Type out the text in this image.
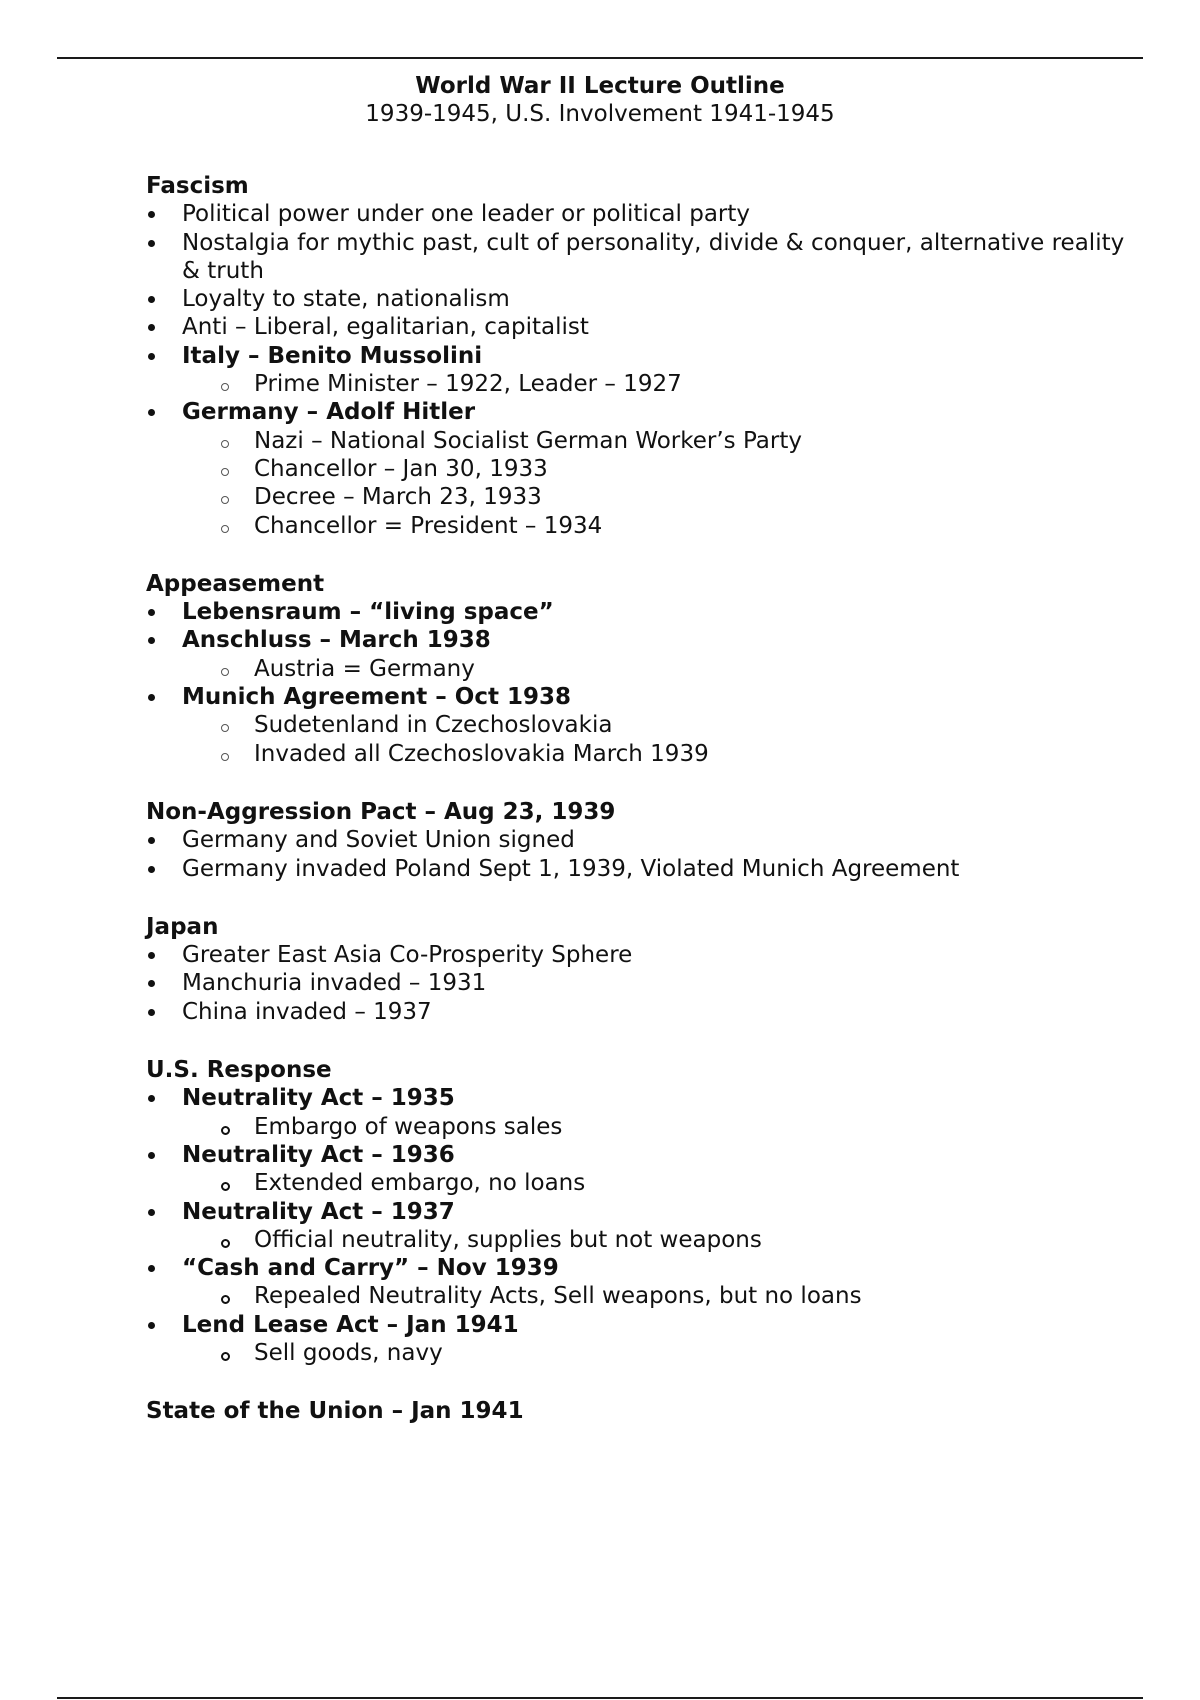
World War II Lecture Outline
1939-1945, U.S. Involvement 1941-1945
Fascism
Political power under one leader or political party
Nostalgia for mythic past, cult of personality, divide & conquer, alternative reality & truth
Loyalty to state, nationalism
Anti – Liberal, egalitarian, capitalist
Italy – Benito Mussolini
Prime Minister – 1922, Leader – 1927
Germany – Adolf Hitler
Nazi – National Socialist German Worker’s Party
Chancellor – Jan 30, 1933
Decree – March 23, 1933
Chancellor = President – 1934
Appeasement
Lebensraum – “living space”
Anschluss – March 1938
Austria = Germany
Munich Agreement – Oct 1938
Sudetenland in Czechoslovakia
Invaded all Czechoslovakia March 1939
Non-Aggression Pact – Aug 23, 1939
Germany and Soviet Union signed
Germany invaded Poland Sept 1, 1939, Violated Munich Agreement
Japan
Greater East Asia Co-Prosperity Sphere
Manchuria invaded – 1931
China invaded – 1937
U.S. Response
Neutrality Act – 1935
Embargo of weapons sales
Neutrality Act – 1936
Extended embargo, no loans
Neutrality Act – 1937
Official neutrality, supplies but not weapons
“Cash and Carry” – Nov 1939
Repealed Neutrality Acts, Sell weapons, but no loans
Lend Lease Act – Jan 1941
Sell goods, navy
State of the Union – Jan 1941
